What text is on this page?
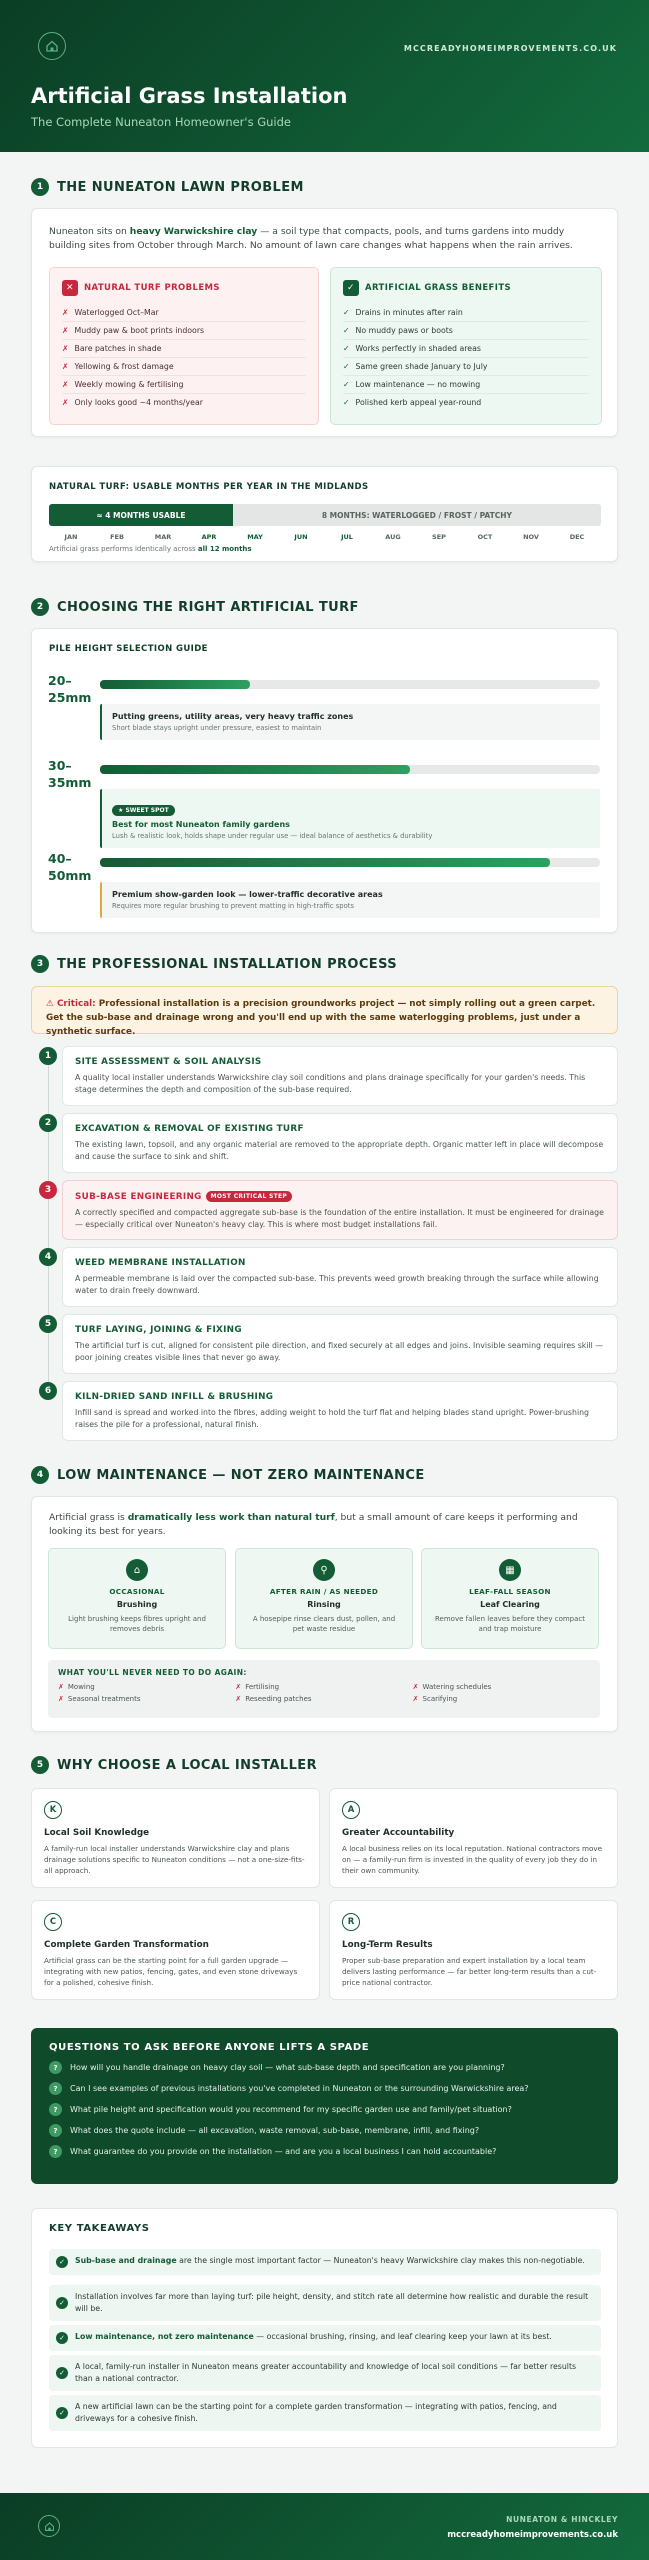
MCCREADYHOMEIMPROVEMENTS.CO.UK
Artificial Grass Installation
The Complete Nuneaton Homeowner's Guide
1	THE NUNEATON LAWN PROBLEM
Nuneaton sits on heavy Warwickshire clay — a soil type that compacts, pools, and turns gardens into muddy building sites from October through March. No amount of lawn care changes what happens when the rain arrives.
✕	NATURAL TURF PROBLEMS
✗ Waterlogged Oct–Mar
✗ Muddy paw & boot prints indoors
✗ Bare patches in shade
✗ Yellowing & frost damage
✗ Weekly mowing & fertilising
✗ Only looks good ~4 months/year
✓	ARTIFICIAL GRASS BENEFITS
✓ Drains in minutes after rain
✓ No muddy paws or boots
✓ Works perfectly in shaded areas
✓ Same green shade January to July
✓ Low maintenance — no mowing
✓ Polished kerb appeal year-round
NATURAL TURF: USABLE MONTHS PER YEAR IN THE MIDLANDS
≈ 4 MONTHS USABLE	8 MONTHS: WATERLOGGED / FROST / PATCHY
Artificial grass performs identically across all 12 months
JAN	FEB	MAR	APR	MAY	JUN	JUL	AUG	SEP	OCT	NOV	DEC
2	CHOOSING THE RIGHT ARTIFICIAL TURF
PILE HEIGHT SELECTION GUIDE
20–25mm
Putting greens, utility areas, very heavy traffic zones
Short blade stays upright under pressure, easiest to maintain
30–35mm
★ SWEET SPOT
Best for most Nuneaton family gardens
Lush & realistic look, holds shape under regular use — ideal balance of aesthetics & durability
40–50mm
Premium show-garden look — lower-traffic decorative areas
Requires more regular brushing to prevent matting in high-traffic spots
3	THE PROFESSIONAL INSTALLATION PROCESS
⚠ Critical: Professional installation is a precision groundworks project — not simply rolling out a green carpet. Get the sub-base and drainage wrong and you'll end up with the same waterlogging problems, just under a synthetic surface.
1
SITE ASSESSMENT & SOIL ANALYSIS
A quality local installer understands Warwickshire clay soil conditions and plans drainage specifically for your garden's needs. This stage determines the depth and composition of the sub-base required.
2
EXCAVATION & REMOVAL OF EXISTING TURF
The existing lawn, topsoil, and any organic material are removed to the appropriate depth. Organic matter left in place will decompose and cause the surface to sink and shift.
3
SUB-BASE ENGINEERING MOST CRITICAL STEP
A correctly specified and compacted aggregate sub-base is the foundation of the entire installation. It must be engineered for drainage — especially critical over Nuneaton's heavy clay. This is where most budget installations fail.
4
WEED MEMBRANE INSTALLATION
A permeable membrane is laid over the compacted sub-base. This prevents weed growth breaking through the surface while allowing water to drain freely downward.
5
TURF LAYING, JOINING & FIXING
The artificial turf is cut, aligned for consistent pile direction, and fixed securely at all edges and joins. Invisible seaming requires skill — poor joining creates visible lines that never go away.
6
KILN-DRIED SAND INFILL & BRUSHING
Infill sand is spread and worked into the fibres, adding weight to hold the turf flat and helping blades stand upright. Power-brushing raises the pile for a professional, natural finish.
4	LOW MAINTENANCE — NOT ZERO MAINTENANCE
Artificial grass is dramatically less work than natural turf, but a small amount of care keeps it performing and looking its best for years.
⌂
OCCASIONAL
Brushing
Light brushing keeps fibres upright and removes debris
⚲
AFTER RAIN / AS NEEDED
Rinsing
A hosepipe rinse clears dust, pollen, and pet waste residue
▦
LEAF-FALL SEASON
Leaf Clearing
Remove fallen leaves before they compact and trap moisture
WHAT YOU'LL NEVER NEED TO DO AGAIN:
✗ Mowing	✗ Fertilising	✗ Watering schedules
✗ Seasonal treatments	✗ Reseeding patches	✗ Scarifying
5	WHY CHOOSE A LOCAL INSTALLER
K
Local Soil Knowledge
A family-run local installer understands Warwickshire clay and plans drainage solutions specific to Nuneaton conditions — not a one-size-fits-all approach.
A
Greater Accountability
A local business relies on its local reputation. National contractors move on — a family-run firm is invested in the quality of every job they do in their own community.
C
Complete Garden Transformation
Artificial grass can be the starting point for a full garden upgrade — integrating with new patios, fencing, gates, and even stone driveways for a polished, cohesive finish.
R
Long-Term Results
Proper sub-base preparation and expert installation by a local team delivers lasting performance — far better long-term results than a cut-price national contractor.
QUESTIONS TO ASK BEFORE ANYONE LIFTS A SPADE
?	How will you handle drainage on heavy clay soil — what sub-base depth and specification are you planning?
?	Can I see examples of previous installations you've completed in Nuneaton or the surrounding Warwickshire area?
?	What pile height and specification would you recommend for my specific garden use and family/pet situation?
?	What does the quote include — all excavation, waste removal, sub-base, membrane, infill, and fixing?
?	What guarantee do you provide on the installation — and are you a local business I can hold accountable?
KEY TAKEAWAYS
✓	Sub-base and drainage are the single most important factor — Nuneaton's heavy Warwickshire clay makes this non-negotiable.
✓
Installation involves far more than laying turf: pile height, density, and stitch rate all determine how realistic and durable the result will be.
✓	Low maintenance, not zero maintenance — occasional brushing, rinsing, and leaf clearing keep your lawn at its best.
✓
A local, family-run installer in Nuneaton means greater accountability and knowledge of local soil conditions — far better results than a national contractor.
✓
A new artificial lawn can be the starting point for a complete garden transformation — integrating with patios, fencing, and driveways for a cohesive finish.
NUNEATON & HINCKLEY
mccreadyhomeimprovements.co.uk
